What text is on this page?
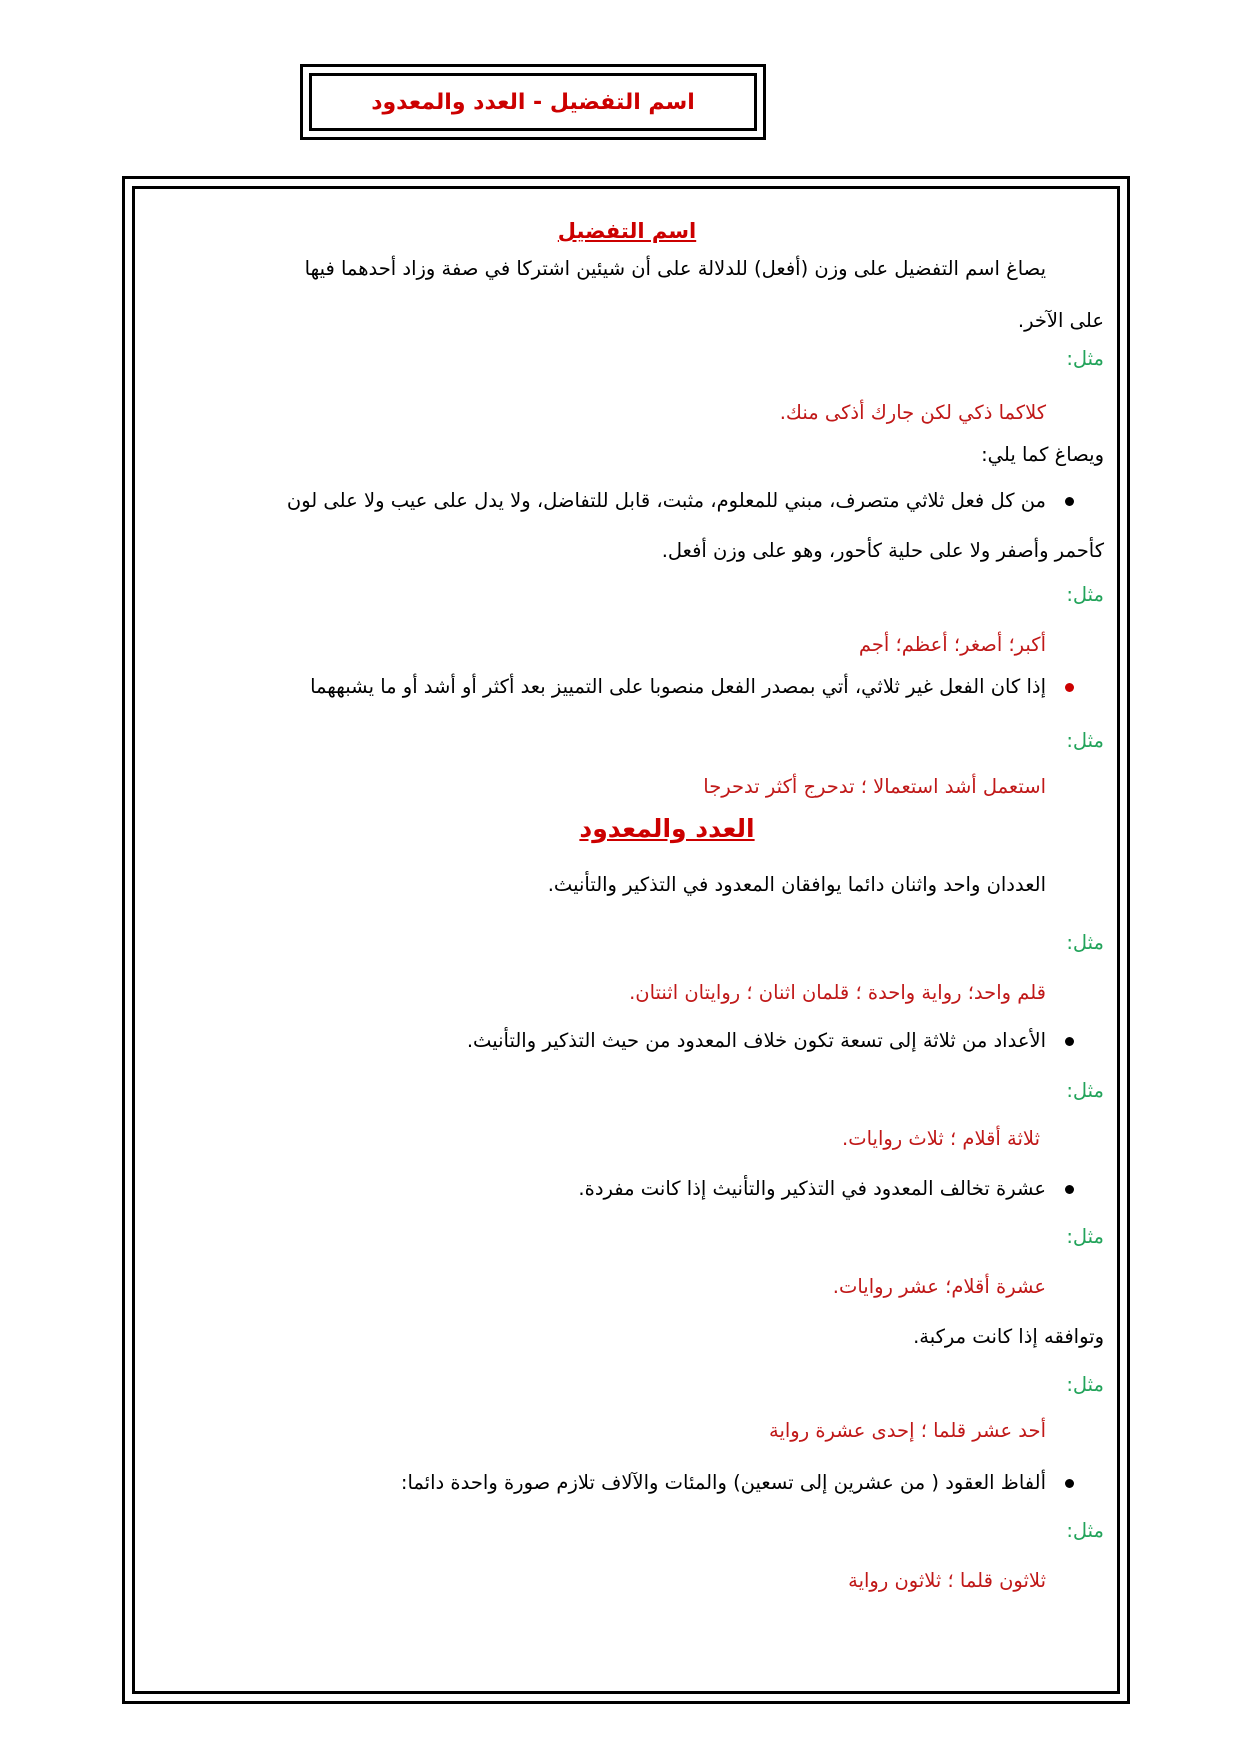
اسم التفضيل - العدد والمعدود

اسم التفضيل

يصاغ اسم التفضيل على وزن (أفعل) للدلالة على أن شيئين اشتركا في صفة وزاد أحدهما فيها

على الآخر.

مثل:

كلاكما ذكي لكن جارك أذكى منك.

ويصاغ كما يلي:

من كل فعل ثلاثي متصرف، مبني للمعلوم، مثبت، قابل للتفاضل، ولا يدل على عيب ولا على لون

كأحمر وأصفر ولا على حلية كأحور، وهو على وزن أفعل.

مثل:

أكبر؛ أصغر؛ أعظم؛ أجم

إذا كان الفعل غير ثلاثي، أتي بمصدر الفعل منصوبا على التمييز بعد أكثر أو أشد أو ما يشبههما

مثل:

استعمل أشد استعمالا ؛ تدحرج أكثر تدحرجا

العدد والمعدود

العددان واحد واثنان دائما يوافقان المعدود في التذكير والتأنيث.

مثل:

قلم واحد؛ رواية واحدة ؛ قلمان اثنان ؛ روايتان اثنتان.

الأعداد من ثلاثة إلى تسعة تكون خلاف المعدود من حيث التذكير والتأنيث.

مثل:

ثلاثة أقلام ؛ ثلاث روايات.

عشرة تخالف المعدود في التذكير والتأنيث إذا كانت مفردة.

مثل:

عشرة أقلام؛ عشر روايات.

وتوافقه إذا كانت مركبة.

مثل:

أحد عشر قلما ؛ إحدى عشرة رواية

ألفاظ العقود ( من عشرين إلى تسعين) والمئات والآلاف تلازم صورة واحدة دائما:

مثل:

ثلاثون قلما ؛ ثلاثون رواية
